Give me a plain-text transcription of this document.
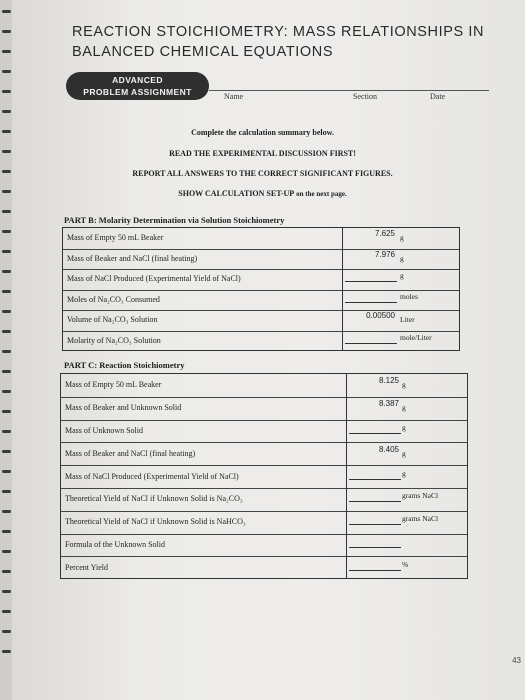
REACTION STOICHIOMETRY: MASS RELATIONSHIPS IN
BALANCED CHEMICAL EQUATIONS
ADVANCED
PROBLEM ASSIGNMENT	Name	Section	Date
Complete the calculation summary below.
READ THE EXPERIMENTAL DISCUSSION FIRST!
REPORT ALL ANSWERS TO THE CORRECT SIGNIFICANT FIGURES.
SHOW CALCULATION SET-UP on the next page.
PART B: Molarity Determination via Solution Stoichiometry
Mass of Empty 50 mL Beaker	7.625 g
Mass of Beaker and NaCl (final heating)	7.976 g
Mass of NaCl Produced (Experimental Yield of NaCl)	g
Moles of Na₂CO₃ Consumed	moles
Volume of Na₂CO₃ Solution	0.00500 Liter
Molarity of Na₂CO₃ Solution	mole/Liter
PART C: Reaction Stoichiometry
Mass of Empty 50 mL Beaker	8.125 g
Mass of Beaker and Unknown Solid	8.387 g
Mass of Unknown Solid	g
Mass of Beaker and NaCl (final heating)	8.405 g
Mass of NaCl Produced (Experimental Yield of NaCl)	g
Theoretical Yield of NaCl if Unknown Solid is Na₂CO₃	grams NaCl
Theoretical Yield of NaCl if Unknown Solid is NaHCO₃	grams NaCl
Formula of the Unknown Solid
Percent Yield	%
43
